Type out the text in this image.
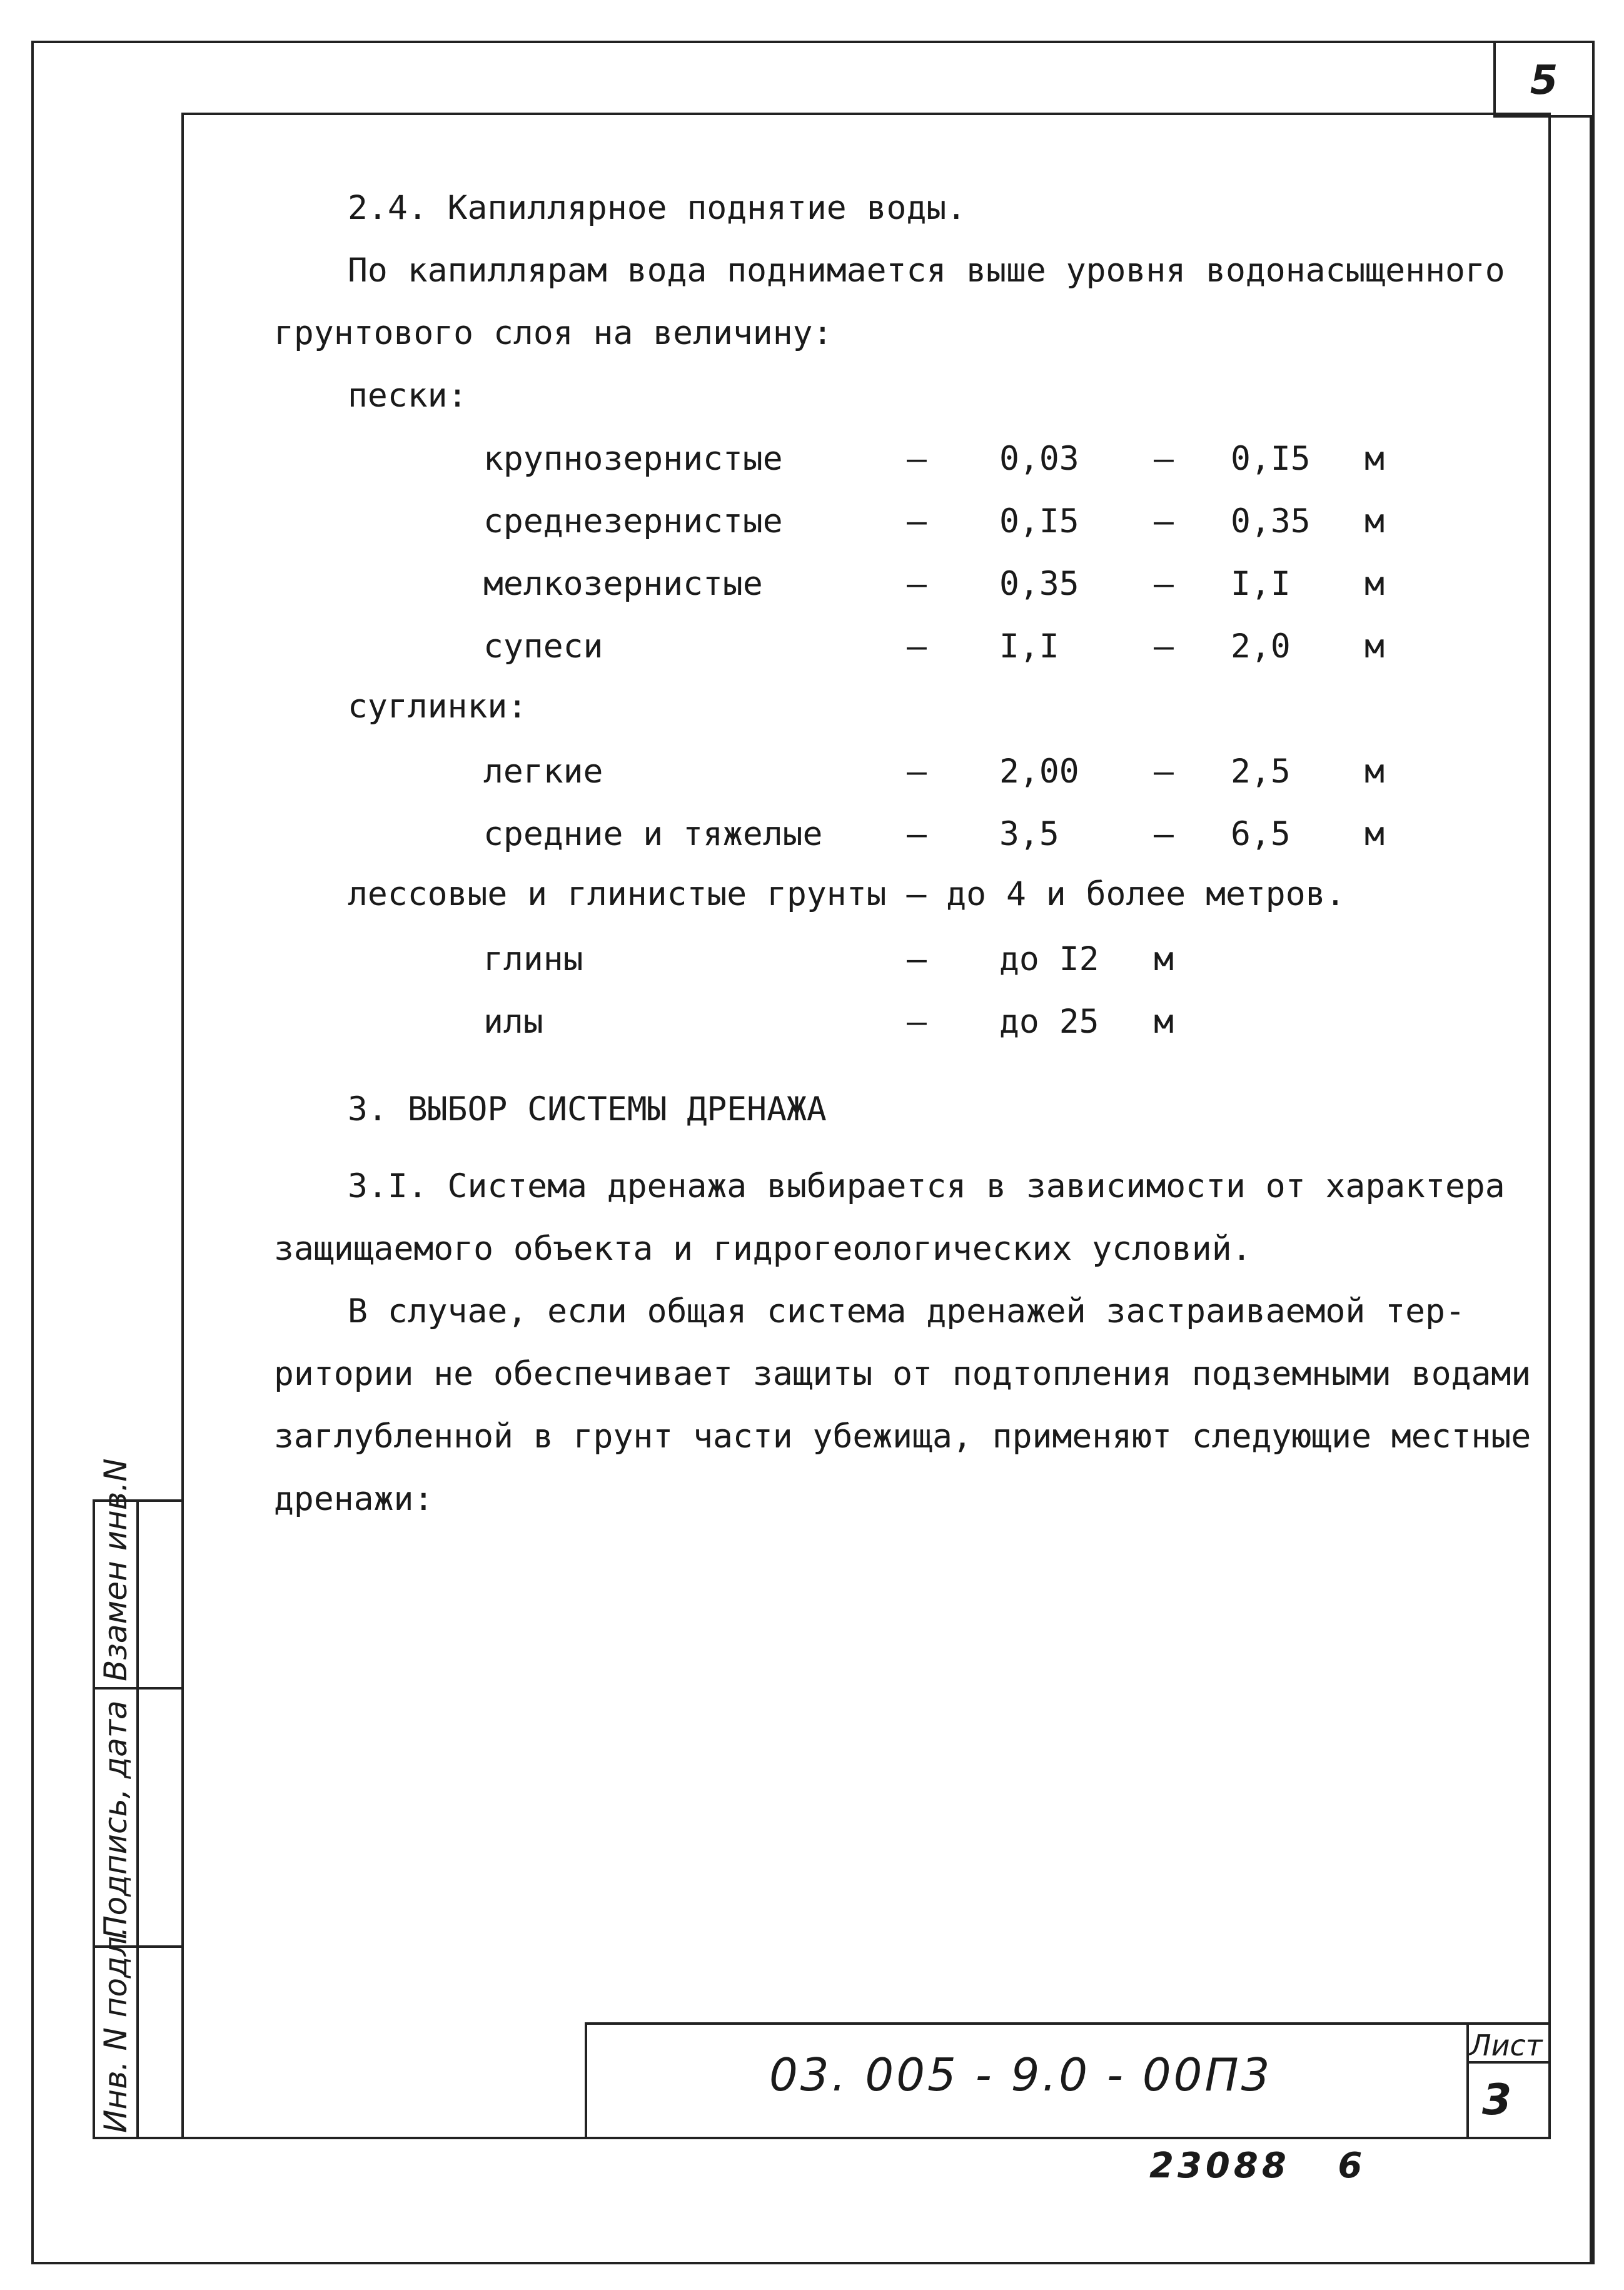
5
2.4. Капиллярное поднятие воды.
По капиллярам вода поднимается выше уровня водонасыщенного
грунтового слоя на величину:
пески:
крупнозернистые	– 0,03 – 0,I5 м
среднезернистые	– 0,I5 – 0,35 м
мелкозернистые	– 0,35 – I,I м
супеси	– I,I	– 2,0 м
суглинки:
легкие	– 2,00 – 2,5 м
средние и тяжелые	– 3,5	– 6,5 м
лессовые и глинистые грунты – до 4 и более метров.
глины	– до I2 м
илы	– до 25 м
3. ВЫБОР СИСТЕМЫ ДРЕНАЖА
3.I. Система дренажа выбирается в зависимости от характера
защищаемого объекта и гидрогеологических условий.
В случае, если общая система дренажей застраиваемой тер-
ритории не обеспечивает защиты от подтопления подземными водами
заглубленной в грунт части убежища, применяют следующие местные
дренажи:
Взамен инв.N
Подпись, дата
Инв. N подл.	03. 005 - 9.0 - 00П3
Лист
3
23088   6
